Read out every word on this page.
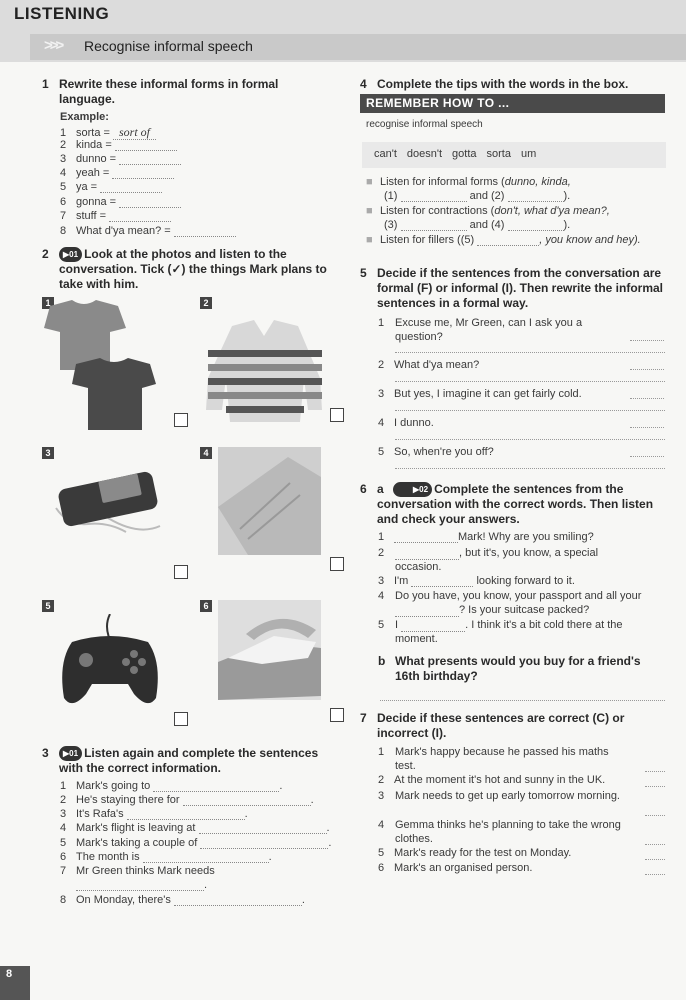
LISTENING
>>> Recognise informal speech
1 Rewrite these informal forms in formal language.
Example:
1 sorta = sort of
2 kinda =
3 dunno =
4 yeah =
5 ya =
6 gonna =
7 stuff =
8 What d'ya mean? =
2	▶01 Look at the photos and listen to the conversation. Tick (✓) the things Mark plans to take with him.
1	2
3	4
5	6
3	▶01 Listen again and complete the sentences with the correct information.
1 Mark's going to	.
2 He's staying there for	.
3 It's Rafa's	.
4 Mark's flight is leaving at	.
5 Mark's taking a couple of	.
6 The month is	.
7 Mr Green thinks Mark needs
.
8 On Monday, there's	.
4 Complete the tips with the words in the box.
REMEMBER HOW TO ...
recognise informal speech
can't doesn't gotta sorta um
■ Listen for informal forms (dunno, kinda,
(1)	and (2)	).
■ Listen for contractions (don't, what d'ya mean?,
(3)	and (4)	).
■ Listen for fillers ((5)	, you know and hey).
5 Decide if the sentences from the conversation are formal (F) or informal (I). Then rewrite the informal sentences in a formal way.
1 Excuse me, Mr Green, can I ask you a question?
2 What d'ya mean?
3 But yes, I imagine it can get fairly cold.
4 I dunno.
5 So, when're you off?
6 a	▶02 Complete the sentences from the conversation with the correct words. Then listen and check your answers.
1	Mark! Why are you smiling?
2	, but it's, you know, a special occasion.
3 I'm	looking forward to it.
4 Do you have, you know, your passport and all your ? Is your suitcase packed?
5 I	. I think it's a bit cold there at the moment.
b What presents would you buy for a friend's 16th birthday?
7 Decide if these sentences are correct (C) or incorrect (I).
1 Mark's happy because he passed his maths test.
2 At the moment it's hot and sunny in the UK.
3 Mark needs to get up early tomorrow morning.
4 Gemma thinks he's planning to take the wrong clothes.
5 Mark's ready for the test on Monday.
6 Mark's an organised person.
8
